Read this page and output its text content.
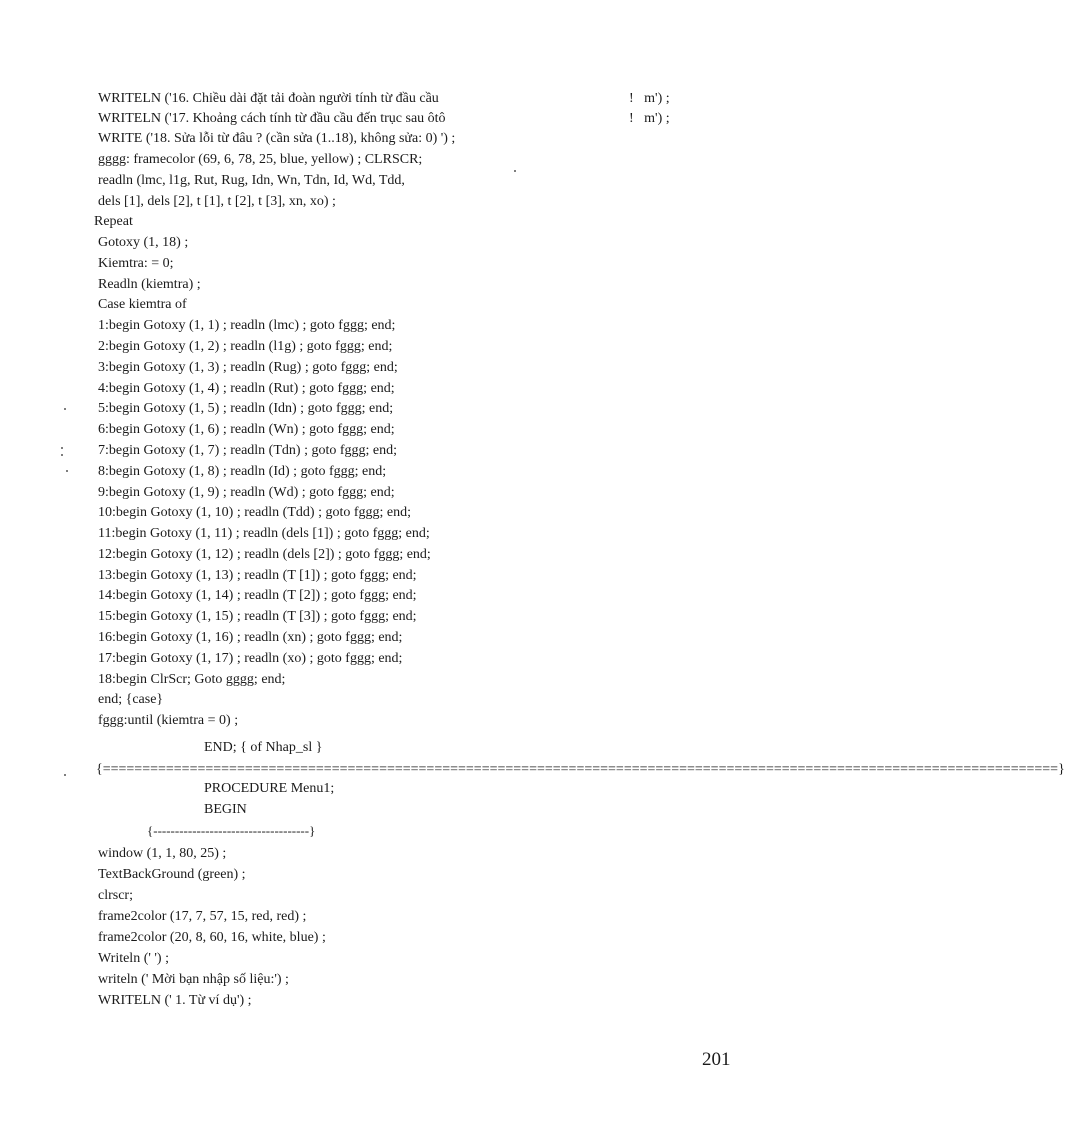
WRITELN ('16. Chiều dài đặt tải đoàn người tính từ đầu cầu
WRITELN ('17. Khoảng cách tính từ đầu cầu đến trục sau ôtô
WRITE ('18. Sửa lỗi từ đâu ? (cần sửa (1..18), không sửa: 0) ') ;
gggg: framecolor (69, 6, 78, 25, blue, yellow) ; CLRSCR;
readln (lmc, l1g, Rut, Rug, Idn, Wn, Tdn, Id, Wd, Tdd,
dels [1], dels [2], t [1], t [2], t [3], xn, xo) ;
Repeat
Gotoxy (1, 18) ;
Kiemtra: = 0;
Readln (kiemtra) ;
Case kiemtra of
1:begin Gotoxy (1, 1) ; readln (lmc) ; goto fggg; end;
2:begin Gotoxy (1, 2) ; readln (l1g) ; goto fggg; end;
3:begin Gotoxy (1, 3) ; readln (Rug) ; goto fggg; end;
4:begin Gotoxy (1, 4) ; readln (Rut) ; goto fggg; end;
5:begin Gotoxy (1, 5) ; readln (Idn) ; goto fggg; end;
6:begin Gotoxy (1, 6) ; readln (Wn) ; goto fggg; end;
7:begin Gotoxy (1, 7) ; readln (Tdn) ; goto fggg; end;
8:begin Gotoxy (1, 8) ; readln (Id) ; goto fggg; end;
9:begin Gotoxy (1, 9) ; readln (Wd) ; goto fggg; end;
10:begin Gotoxy (1, 10) ; readln (Tdd) ; goto fggg; end;
11:begin Gotoxy (1, 11) ; readln (dels [1]) ; goto fggg; end;
12:begin Gotoxy (1, 12) ; readln (dels [2]) ; goto fggg; end;
13:begin Gotoxy (1, 13) ; readln (T [1]) ; goto fggg; end;
14:begin Gotoxy (1, 14) ; readln (T [2]) ; goto fggg; end;
15:begin Gotoxy (1, 15) ; readln (T [3]) ; goto fggg; end;
16:begin Gotoxy (1, 16) ; readln (xn) ; goto fggg; end;
17:begin Gotoxy (1, 17) ; readln (xo) ; goto fggg; end;
18:begin ClrScr; Goto gggg; end;
end; {case}
fggg:until (kiemtra = 0) ;
!   m') ;
!   m') ;
END; { of Nhap_sl }
{=========================================================================================================================}
PROCEDURE Menu1;
BEGIN
{------------------------------------}
window (1, 1, 80, 25) ;
TextBackGround (green) ;
clrscr;
frame2color (17, 7, 57, 15, red, red) ;
frame2color (20, 8, 60, 16, white, blue) ;
Writeln (' ') ;
writeln (' Mời bạn nhập số liệu:') ;
WRITELN (' 1. Từ ví dụ') ;
201
